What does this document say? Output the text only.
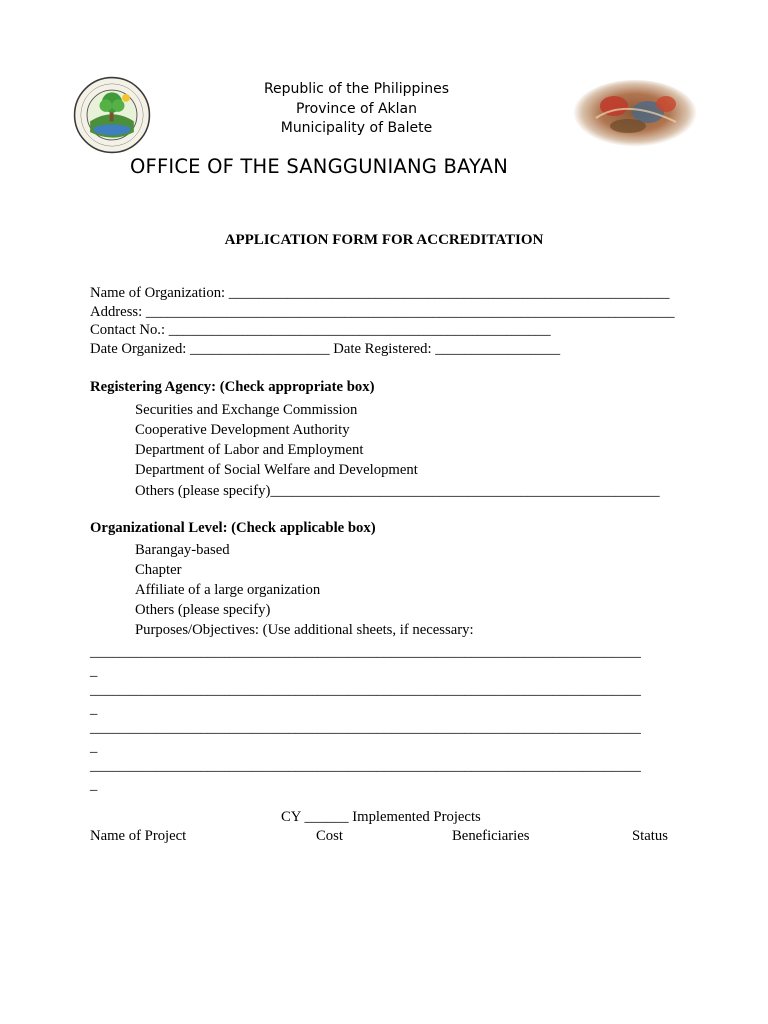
Republic of the Philippines
Province of Aklan
Municipality of Balete
OFFICE OF THE SANGGUNIANG BAYAN
APPLICATION FORM FOR ACCREDITATION
Name of Organization: ____________________________________________________________
Address: ________________________________________________________________________
Contact No.: ____________________________________________________
Date Organized: ___________________ Date Registered: _________________
Registering Agency: (Check appropriate box)
Securities and Exchange Commission
Cooperative Development Authority
Department of Labor and Employment
Department of Social Welfare and Development
Others (please specify)_____________________________________________________
Organizational Level: (Check applicable box)
Barangay-based
Chapter
Affiliate of a large organization
Others (please specify)
Purposes/Objectives: (Use additional sheets, if necessary:
___________________________________________________________________________
_
___________________________________________________________________________
_
___________________________________________________________________________
_
___________________________________________________________________________
_
CY ______ Implemented Projects
Name of Project	Cost	Beneficiaries	Status
